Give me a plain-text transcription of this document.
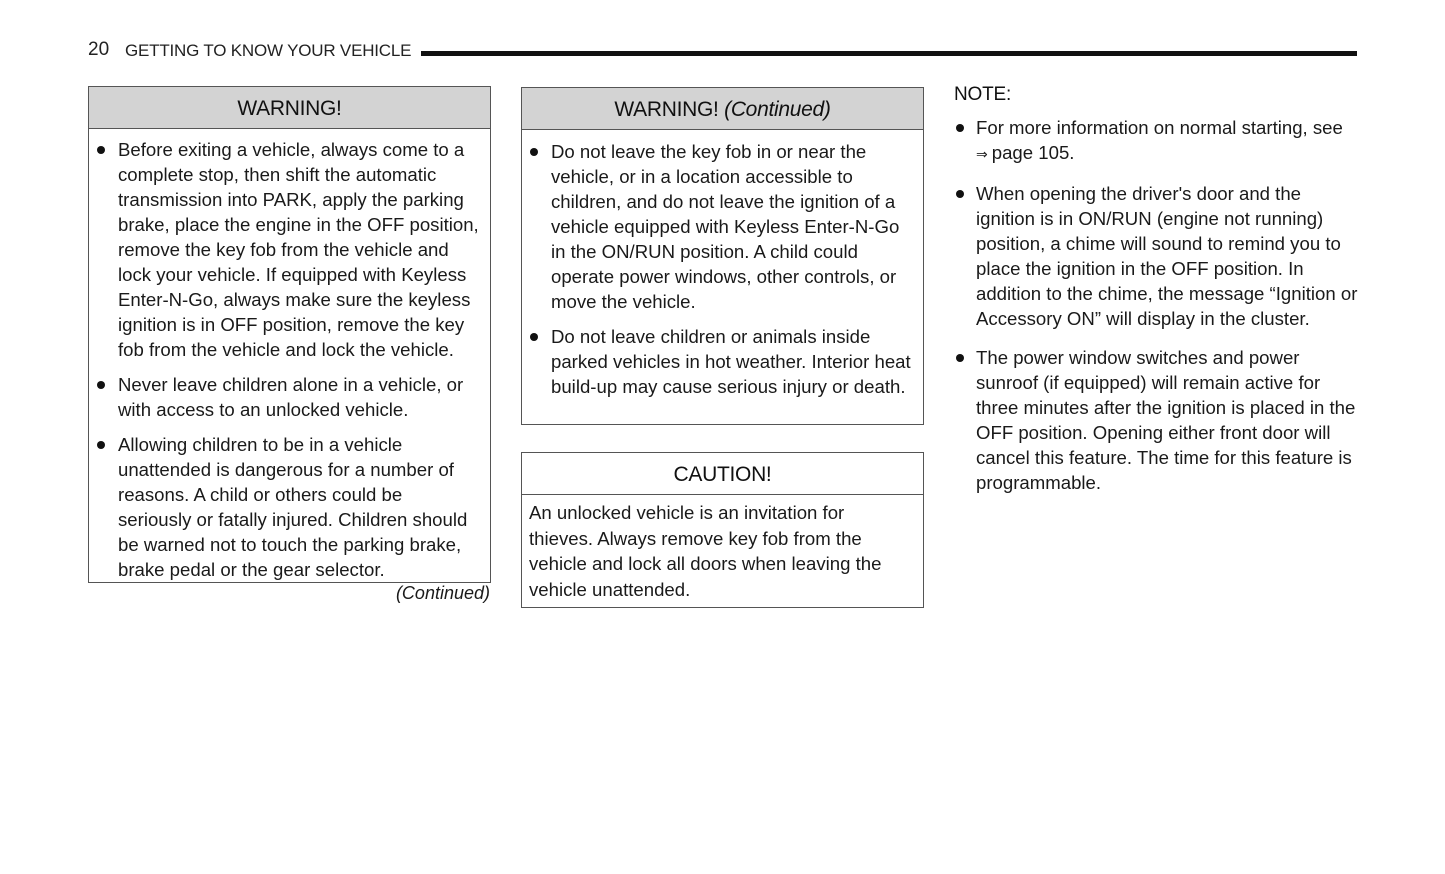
20 GETTING TO KNOW YOUR VEHICLE
WARNING!
Before exiting a vehicle, always come to a complete stop, then shift the automatic transmission into PARK, apply the parking brake, place the engine in the OFF position, remove the key fob from the vehicle and lock your vehicle. If equipped with Keyless Enter-N-Go, always make sure the keyless ignition is in OFF position, remove the key fob from the vehicle and lock the vehicle.
Never leave children alone in a vehicle, or with access to an unlocked vehicle.
Allowing children to be in a vehicle unattended is dangerous for a number of reasons. A child or others could be seriously or fatally injured. Children should be warned not to touch the parking brake, brake pedal or the gear selector.
(Continued)
WARNING! (Continued)
Do not leave the key fob in or near the vehicle, or in a location accessible to children, and do not leave the ignition of a vehicle equipped with Keyless Enter-N-Go in the ON/RUN position. A child could operate power windows, other controls, or move the vehicle.
Do not leave children or animals inside parked vehicles in hot weather. Interior heat build-up may cause serious injury or death.
CAUTION!
An unlocked vehicle is an invitation for thieves. Always remove key fob from the vehicle and lock all doors when leaving the vehicle unattended.
NOTE:
For more information on normal starting, see
⇒ page 105.
When opening the driver's door and the ignition is in ON/RUN (engine not running) position, a chime will sound to remind you to place the ignition in the OFF position. In addition to the chime, the message “Ignition or Accessory ON” will display in the cluster.
The power window switches and power sunroof (if equipped) will remain active for three minutes after the ignition is placed in the OFF position. Opening either front door will cancel this feature. The time for this feature is programmable.
